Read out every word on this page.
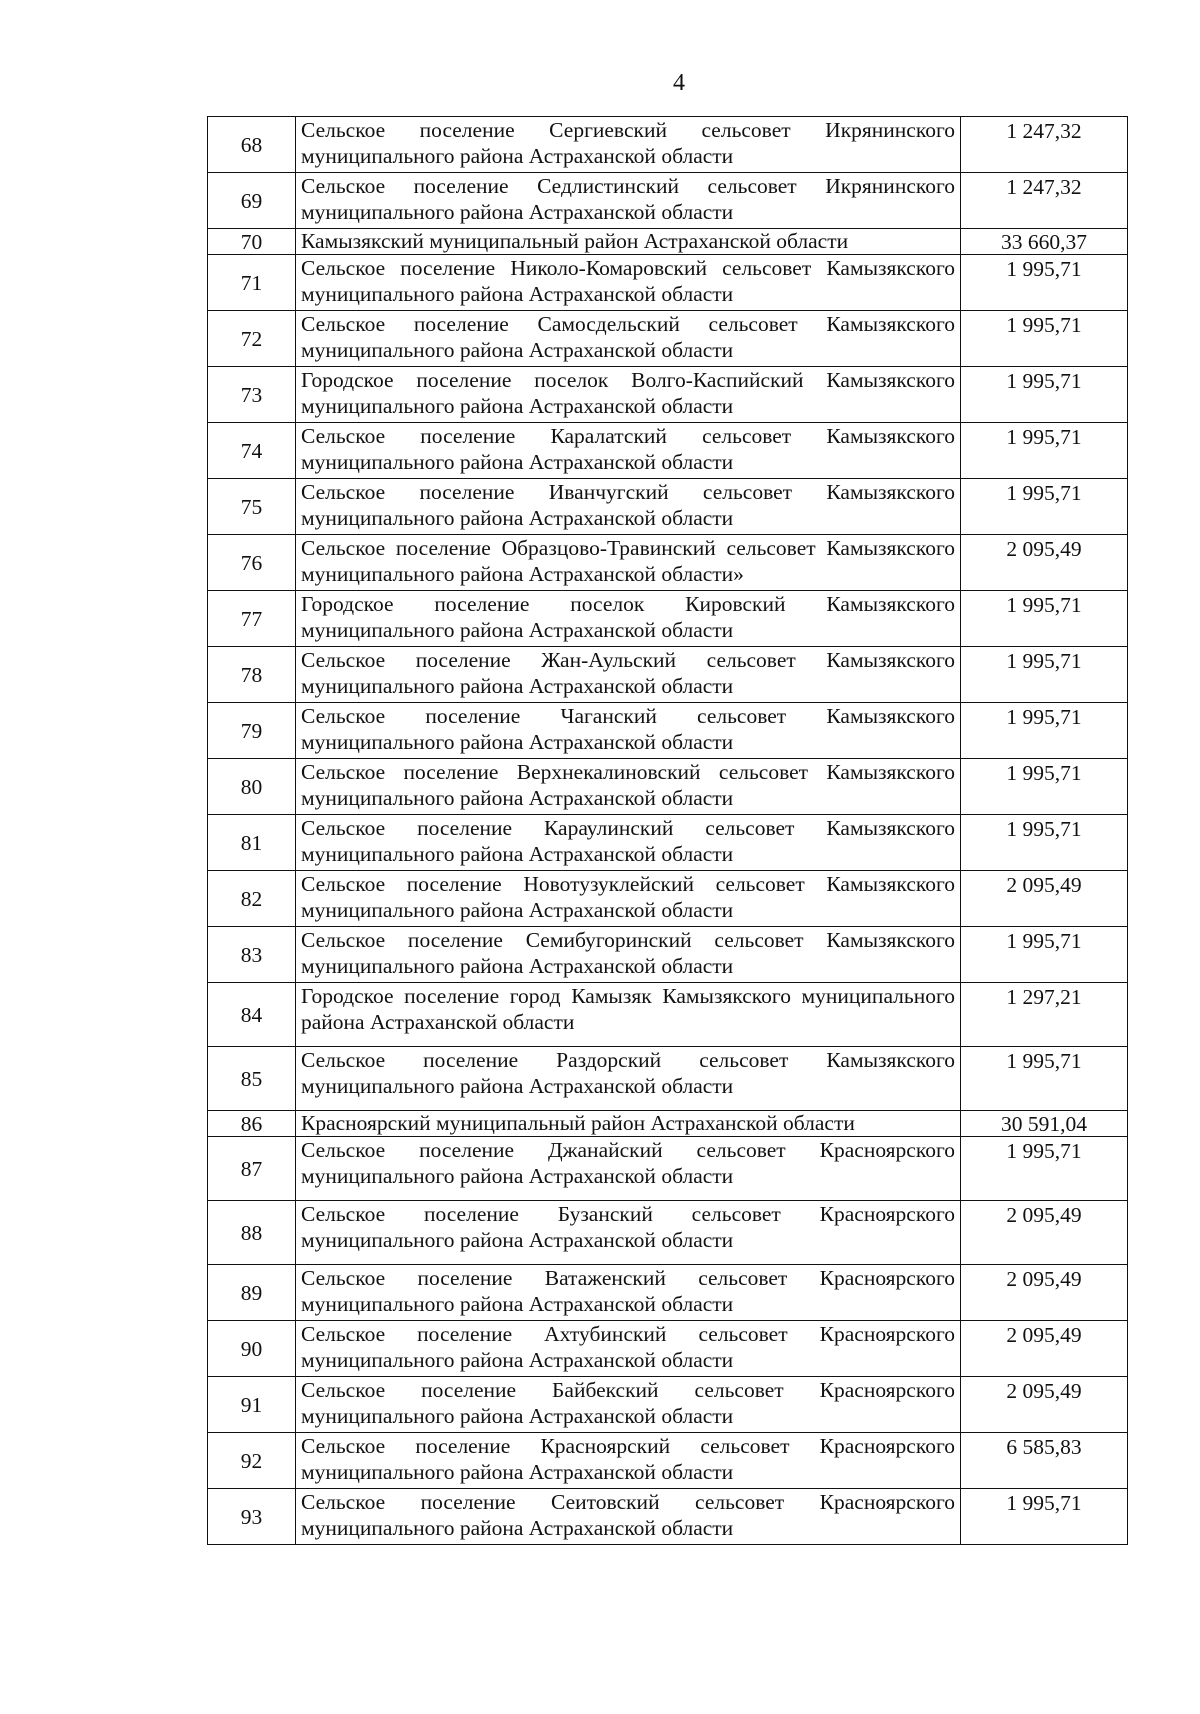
4
68	Сельское поселение Сергиевский сельсовет Икрянинского муниципального района Астраханской области	1 247,32
69	Сельское поселение Седлистинский сельсовет Икрянинского муниципального района Астраханской области	1 247,32
70	Камызякский муниципальный район Астраханской области	33 660,37
71	Сельское поселение Николо-Комаровский сельсовет Камызякского муниципального района Астраханской области	1 995,71
72	Сельское поселение Самосдельский сельсовет Камызякского муниципального района Астраханской области	1 995,71
73	Городское поселение поселок Волго-Каспийский Камызякского муниципального района Астраханской области	1 995,71
74	Сельское поселение Каралатский сельсовет Камызякского муниципального района Астраханской области	1 995,71
75	Сельское поселение Иванчугский сельсовет Камызякского муниципального района Астраханской области	1 995,71
76	Сельское поселение Образцово-Травинский сельсовет Камызякского муниципального района Астраханской области»	2 095,49
77	Городское поселение поселок Кировский Камызякского муниципального района Астраханской области	1 995,71
78	Сельское поселение Жан-Аульский сельсовет Камызякского муниципального района Астраханской области	1 995,71
79	Сельское поселение Чаганский сельсовет Камызякского муниципального района Астраханской области	1 995,71
80	Сельское поселение Верхнекалиновский сельсовет Камызякского муниципального района Астраханской области	1 995,71
81	Сельское поселение Караулинский сельсовет Камызякского муниципального района Астраханской области	1 995,71
82	Сельское поселение Новотузуклейский сельсовет Камызякского муниципального района Астраханской области	2 095,49
83	Сельское поселение Семибугоринский сельсовет Камызякского муниципального района Астраханской области	1 995,71
84	Городское поселение город Камызяк Камызякского муниципального района Астраханской области	1 297,21
85	Сельское поселение Раздорский сельсовет Камызякского муниципального района Астраханской области	1 995,71
86	Красноярский муниципальный район Астраханской области	30 591,04
87	Сельское поселение Джанайский сельсовет Красноярского муниципального района Астраханской области	1 995,71
88	Сельское поселение Бузанский сельсовет Красноярского муниципального района Астраханской области	2 095,49
89	Сельское поселение Ватаженский сельсовет Красноярского муниципального района Астраханской области	2 095,49
90	Сельское поселение Ахтубинский сельсовет Красноярского муниципального района Астраханской области	2 095,49
91	Сельское поселение Байбекский сельсовет Красноярского муниципального района Астраханской области	2 095,49
92	Сельское поселение Красноярский сельсовет Красноярского муниципального района Астраханской области	6 585,83
93	Сельское поселение Сеитовский сельсовет Красноярского муниципального района Астраханской области	1 995,71
